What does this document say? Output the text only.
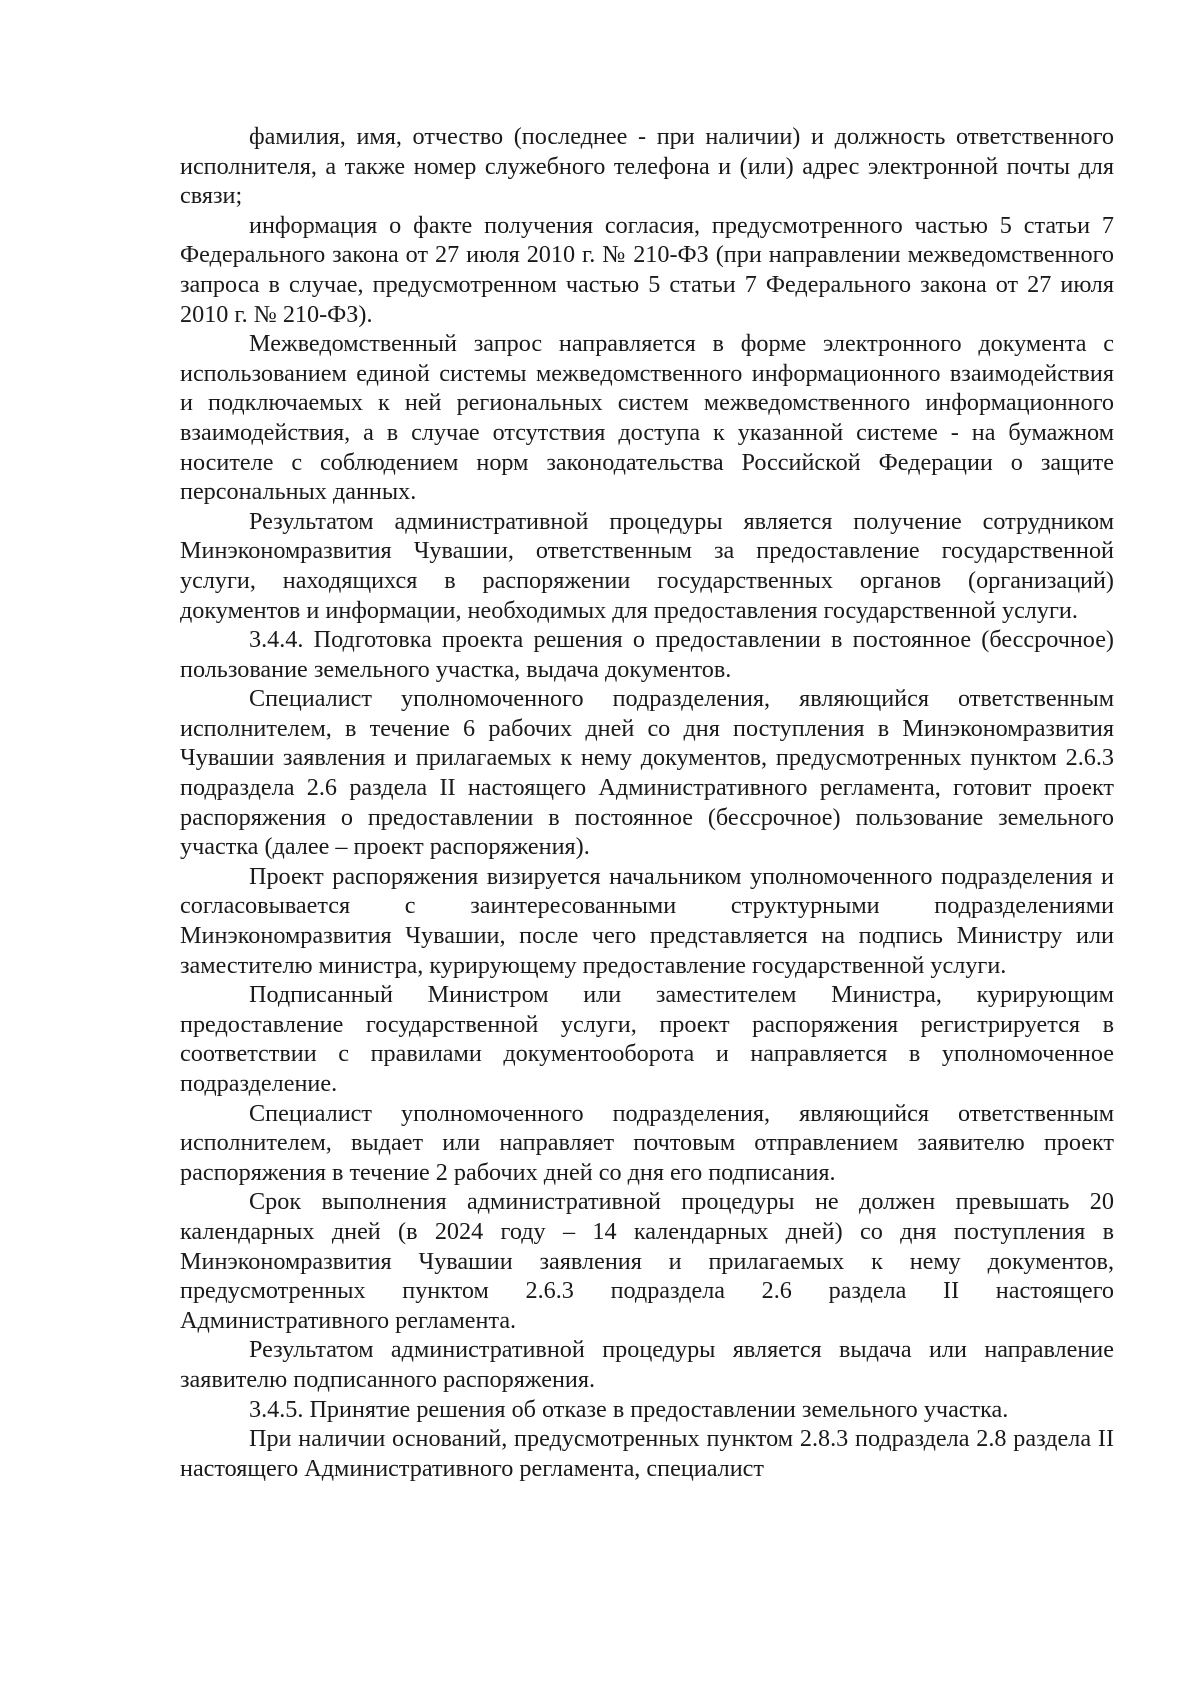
фамилия, имя, отчество (последнее - при наличии) и должность ответственного исполнителя, а также номер служебного телефона и (или) адрес электронной почты для связи;

информация о факте получения согласия, предусмотренного частью 5 статьи 7 Федерального закона от 27 июля 2010 г. № 210-ФЗ (при направлении межведомственного запроса в случае, предусмотренном частью 5 статьи 7 Федерального закона от 27 июля 2010 г. № 210-ФЗ).

Межведомственный запрос направляется в форме электронного документа с использованием единой системы межведомственного информационного взаимодействия и подключаемых к ней региональных систем межведомственного информационного взаимодействия, а в случае отсутствия доступа к указанной системе - на бумажном носителе с соблюдением норм законодательства Российской Федерации о защите персональных данных.

Результатом административной процедуры является получение сотрудником Минэкономразвития Чувашии, ответственным за предоставление государственной услуги, находящихся в распоряжении государственных органов (организаций) документов и информации, необходимых для предоставления государственной услуги.

3.4.4. Подготовка проекта решения о предоставлении в постоянное (бессрочное) пользование земельного участка, выдача документов.

Специалист уполномоченного подразделения, являющийся ответственным исполнителем, в течение 6 рабочих дней со дня поступления в Минэкономразвития Чувашии заявления и прилагаемых к нему документов, предусмотренных пунктом 2.6.3 подраздела 2.6 раздела II настоящего Административного регламента, готовит проект распоряжения о предоставлении в постоянное (бессрочное) пользование земельного участка (далее – проект распоряжения).

Проект распоряжения визируется начальником уполномоченного подразделения и согласовывается с заинтересованными структурными подразделениями Минэкономразвития Чувашии, после чего представляется на подпись Министру или заместителю министра, курирующему предоставление государственной услуги.

Подписанный Министром или заместителем Министра, курирующим предоставление государственной услуги, проект распоряжения регистрируется в соответствии с правилами документооборота и направляется в уполномоченное подразделение.

Специалист уполномоченного подразделения, являющийся ответственным исполнителем, выдает или направляет почтовым отправлением заявителю проект распоряжения в течение 2 рабочих дней со дня его подписания.

Срок выполнения административной процедуры не должен превышать 20 календарных дней (в 2024 году – 14 календарных дней) со дня поступления в Минэкономразвития Чувашии заявления и прилагаемых к нему документов, предусмотренных пунктом 2.6.3 подраздела 2.6 раздела II настоящего Административного регламента.

Результатом административной процедуры является выдача или направление заявителю подписанного распоряжения.

3.4.5. Принятие решения об отказе в предоставлении земельного участка.

При наличии оснований, предусмотренных пунктом 2.8.3 подраздела 2.8 раздела II настоящего Административного регламента, специалист
